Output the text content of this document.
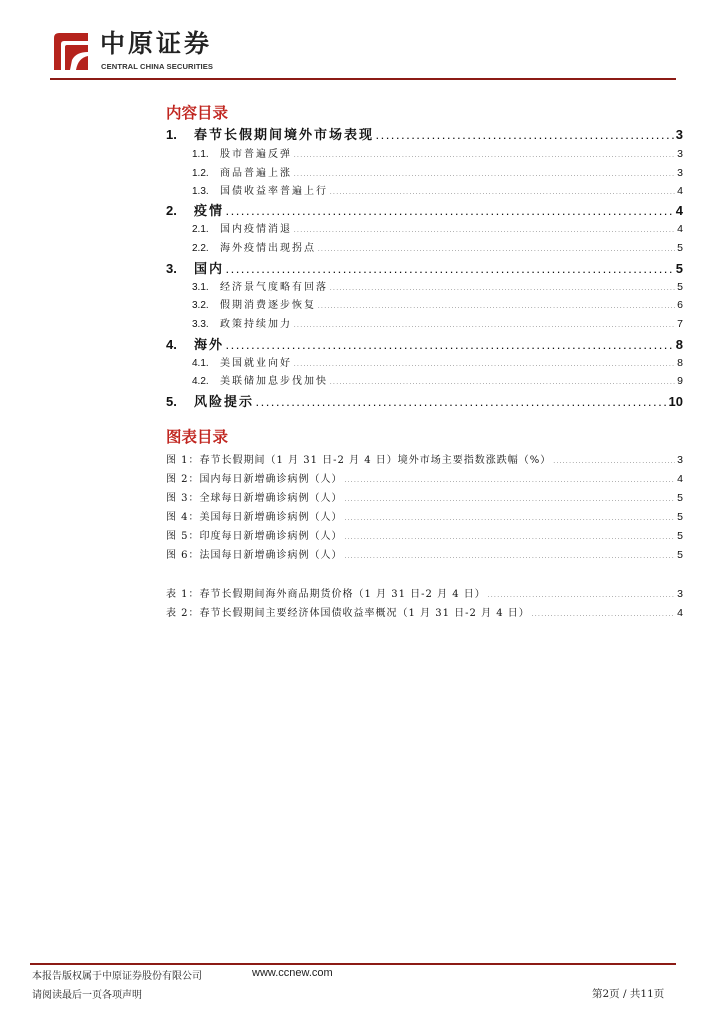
中原证券
CENTRAL CHINA SECURITIES
内容目录
1.	春节长假期间境外市场表现 . . .	3
1.1.	股市普遍反弹 . . .	3
1.2.	商品普遍上涨 . . .	3
1.3.	国债收益率普遍上行 . . .	4
2.	疫情 . . .	4
2.1.	国内疫情消退 . . .	4
2.2.	海外疫情出现拐点 . . .	5
3.	国内 . . .	5
3.1.	经济景气度略有回落 . . .	5
3.2.	假期消费逐步恢复 . . .	6
3.3.	政策持续加力 . . .	7
4.	海外 . . .	8
4.1.	美国就业向好 . . .	8
4.2.	美联储加息步伐加快 . . .	9
5.	风险提示 . . .	10
图表目录
图 1：春节长假期间（1 月 31 日-2 月 4 日）境外市场主要指数涨跌幅（%） . . .	3
图 2：国内每日新增确诊病例（人） . . .	4
图 3：全球每日新增确诊病例（人） . . .	5
图 4：美国每日新增确诊病例（人） . . .	5
图 5：印度每日新增确诊病例（人） . . .	5
图 6：法国每日新增确诊病例（人） . . .	5
表 1：春节长假期间海外商品期货价格（1 月 31 日-2 月 4 日） . . .	3
表 2：春节长假期间主要经济体国债收益率概况（1 月 31 日-2 月 4 日） . . .	4
本报告版权属于中原证券股份有限公司	www.ccnew.com
请阅读最后一页各项声明	第2页 / 共11页
